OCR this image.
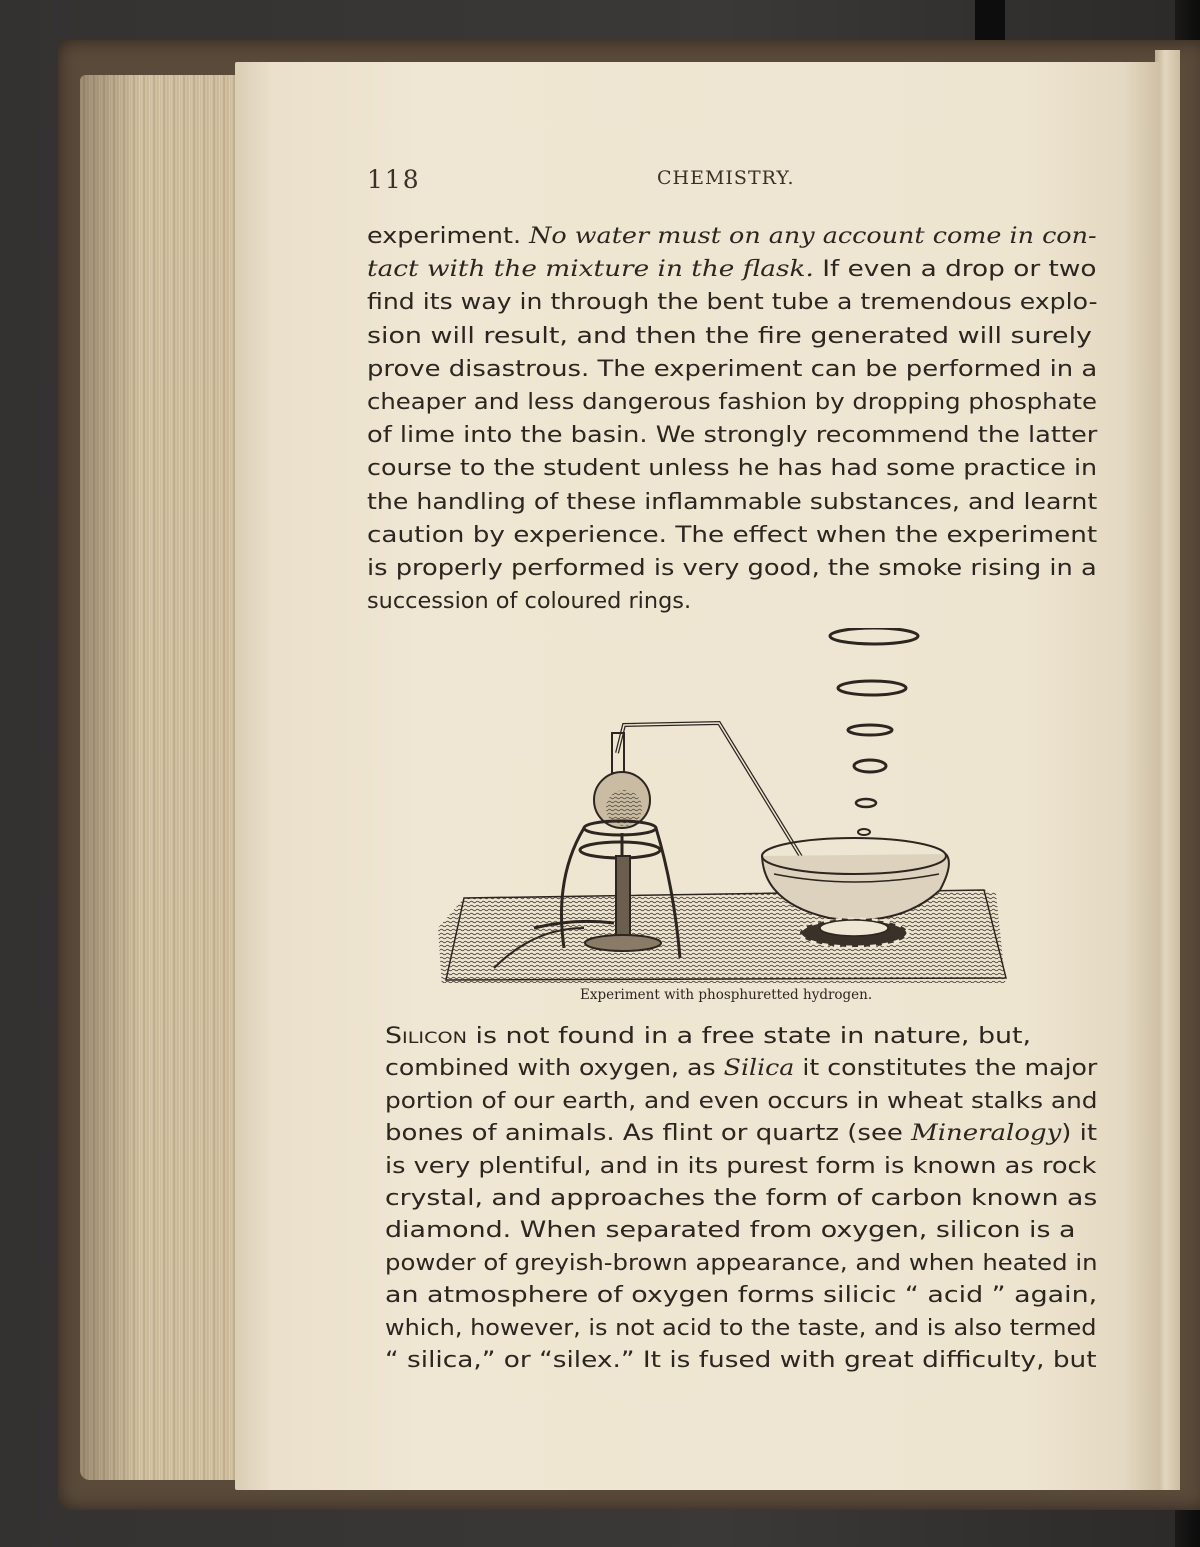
118	CHEMISTRY.
experiment. No water must on any account come in con-
tact with the mixture in the flask. If even a drop or two
find its way in through the bent tube a tremendous explo-
sion will result, and then the fire generated will surely
prove disastrous. The experiment can be performed in a
cheaper and less dangerous fashion by dropping phosphate
of lime into the basin. We strongly recommend the latter
course to the student unless he has had some practice in
the handling of these inflammable substances, and learnt
caution by experience. The effect when the experiment
is properly performed is very good, the smoke rising in a
succession of coloured rings.
Experiment with phosphuretted hydrogen.
Silicon is not found in a free state in nature, but,
combined with oxygen, as Silica it constitutes the major
portion of our earth, and even occurs in wheat stalks and
bones of animals. As flint or quartz (see Mineralogy) it
is very plentiful, and in its purest form is known as rock
crystal, and approaches the form of carbon known as
diamond. When separated from oxygen, silicon is a
powder of greyish-brown appearance, and when heated in
an atmosphere of oxygen forms silicic “ acid ” again,
which, however, is not acid to the taste, and is also termed
“ silica,” or “silex.” It is fused with great difficulty, but
